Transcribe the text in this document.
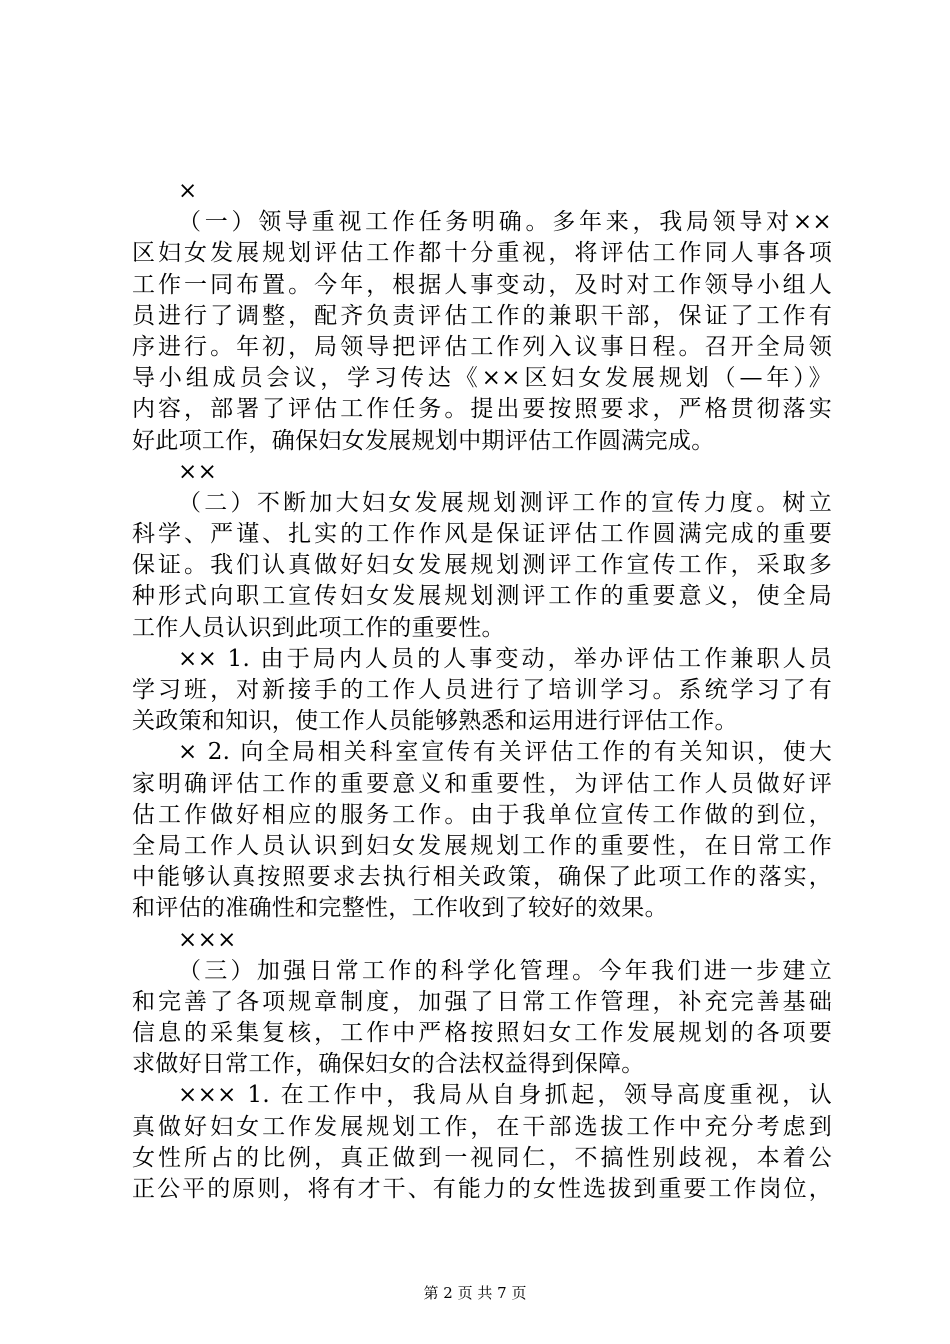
×
（一）领导重视工作任务明确。多年来，我局领导对××
区妇女发展规划评估工作都十分重视，将评估工作同人事各项
工作一同布置。今年，根据人事变动，及时对工作领导小组人
员进行了调整，配齐负责评估工作的兼职干部，保证了工作有
序进行。年初，局领导把评估工作列入议事日程。召开全局领
导小组成员会议，学习传达《××区妇女发展规划（—年）》
内容，部署了评估工作任务。提出要按照要求，严格贯彻落实
好此项工作，确保妇女发展规划中期评估工作圆满完成。
××
（二）不断加大妇女发展规划测评工作的宣传力度。树立
科学、严谨、扎实的工作作风是保证评估工作圆满完成的重要
保证。我们认真做好妇女发展规划测评工作宣传工作，采取多
种形式向职工宣传妇女发展规划测评工作的重要意义，使全局
工作人员认识到此项工作的重要性。
×× 1. 由于局内人员的人事变动，举办评估工作兼职人员
学习班，对新接手的工作人员进行了培训学习。系统学习了有
关政策和知识，使工作人员能够熟悉和运用进行评估工作。
× 2. 向全局相关科室宣传有关评估工作的有关知识，使大
家明确评估工作的重要意义和重要性，为评估工作人员做好评
估工作做好相应的服务工作。由于我单位宣传工作做的到位，
全局工作人员认识到妇女发展规划工作的重要性，在日常工作
中能够认真按照要求去执行相关政策，确保了此项工作的落实，
和评估的准确性和完整性，工作收到了较好的效果。
×××
（三）加强日常工作的科学化管理。今年我们进一步建立
和完善了各项规章制度，加强了日常工作管理，补充完善基础
信息的采集复核，工作中严格按照妇女工作发展规划的各项要
求做好日常工作，确保妇女的合法权益得到保障。
××× 1. 在工作中，我局从自身抓起，领导高度重视，认
真做好妇女工作发展规划工作，在干部选拔工作中充分考虑到
女性所占的比例，真正做到一视同仁，不搞性别歧视，本着公
正公平的原则，将有才干、有能力的女性选拔到重要工作岗位，
第 2 页 共 7 页
